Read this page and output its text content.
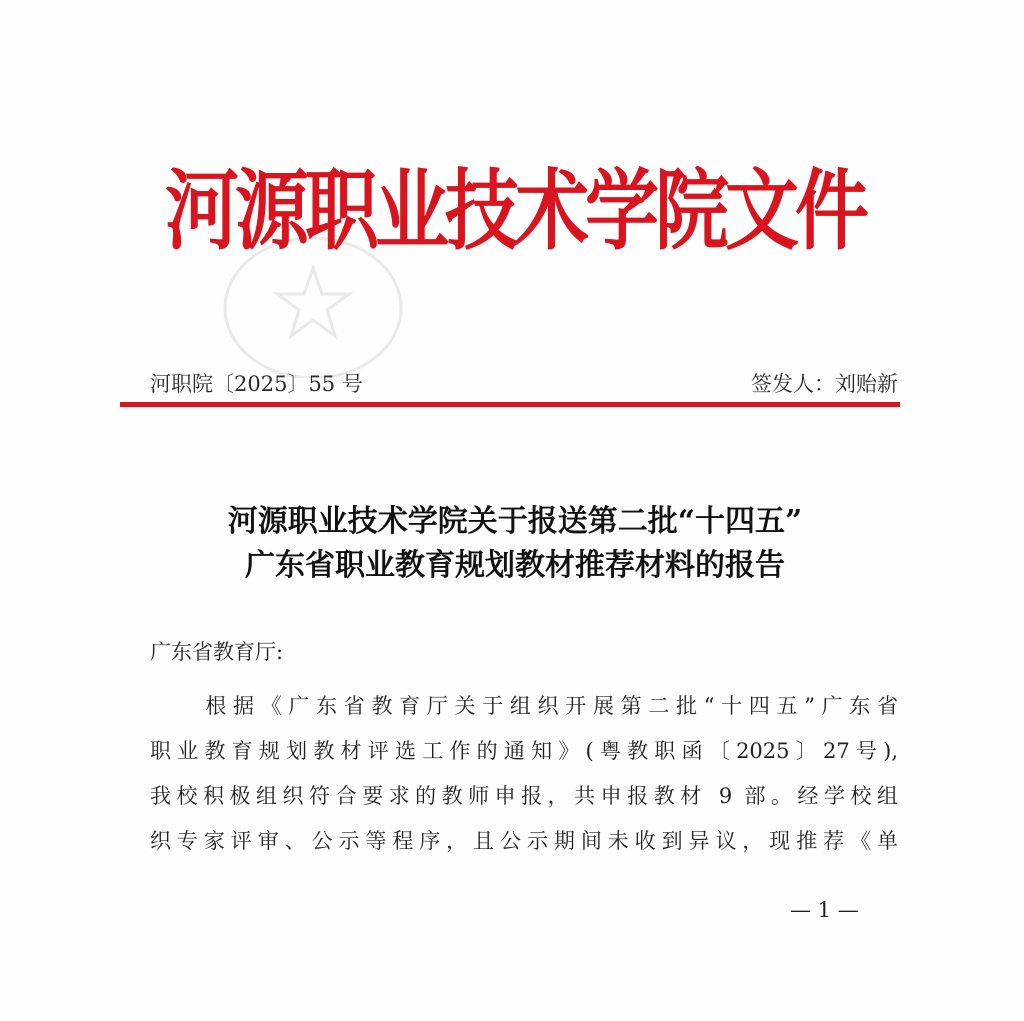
河源职业技术学院文件
河职院〔2025〕55 号	签发人：刘贻新
河源职业技术学院关于报送第二批“十四五”
广东省职业教育规划教材推荐材料的报告
广东省教育厅:
　　根据《广东省教育厅关于组织开展第二批“十四五”广东省
职业教育规划教材评选工作的通知》(粤教职函〔2025〕27号),
我校积极组织符合要求的教师申报，共申报教材 9 部。经学校组
织专家评审、公示等程序，且公示期间未收到异议，现推荐《单
— 1 —
